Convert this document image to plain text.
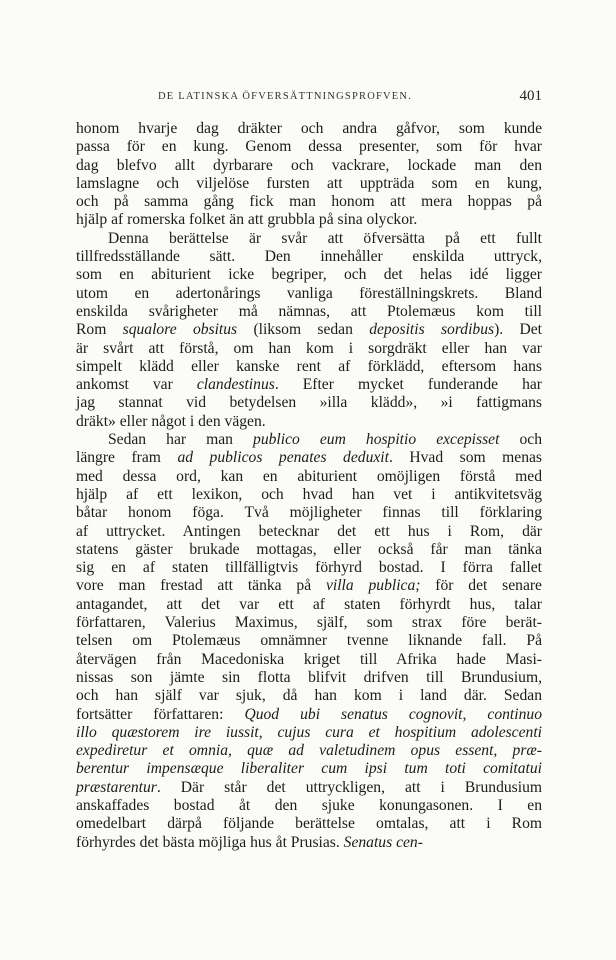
DE LATINSKA ÖFVERSÄTTNINGSPROFVEN.	401
honom hvarje dag dräkter och andra gåfvor, som kunde
passa för en kung. Genom dessa presenter, som för hvar
dag blefvo allt dyrbarare och vackrare, lockade man den
lamslagne och viljelöse fursten att uppträda som en kung,
och på samma gång fick man honom att mera hoppas på
hjälp af romerska folket än att grubbla på sina olyckor.
Denna berättelse är svår att öfversätta på ett fullt
tillfredsställande sätt. Den innehåller enskilda uttryck,
som en abiturient icke begriper, och det helas idé ligger
utom en adertonårings vanliga föreställningskrets. Bland
enskilda svårigheter må nämnas, att Ptolemæus kom till
Rom squalore obsitus (liksom sedan depositis sordibus). Det
är svårt att förstå, om han kom i sorgdräkt eller han var
simpelt klädd eller kanske rent af förklädd, eftersom hans
ankomst var clandestinus. Efter mycket funderande har
jag stannat vid betydelsen »illa klädd», »i fattigmans
dräkt» eller något i den vägen.
Sedan har man publico eum hospitio excepisset och
längre fram ad publicos penates deduxit. Hvad som menas
med dessa ord, kan en abiturient omöjligen förstå med
hjälp af ett lexikon, och hvad han vet i antikvitetsväg
båtar honom föga. Två möjligheter finnas till förklaring
af uttrycket. Antingen betecknar det ett hus i Rom, där
statens gäster brukade mottagas, eller också får man tänka
sig en af staten tillfälligtvis förhyrd bostad. I förra fallet
vore man frestad att tänka på villa publica; för det senare
antagandet, att det var ett af staten förhyrdt hus, talar
författaren, Valerius Maximus, själf, som strax före berät-
telsen om Ptolemæus omnämner tvenne liknande fall. På
återvägen från Macedoniska kriget till Afrika hade Masi-
nissas son jämte sin flotta blifvit drifven till Brundusium,
och han själf var sjuk, då han kom i land där. Sedan
fortsätter författaren: Quod ubi senatus cognovit, continuo
illo quæstorem ire iussit, cujus cura et hospitium adolescenti
expediretur et omnia, quæ ad valetudinem opus essent, præ-
berentur impensæque liberaliter cum ipsi tum toti comitatui
præstarentur. Där står det uttryckligen, att i Brundusium
anskaffades bostad åt den sjuke konungasonen. I en
omedelbart därpå följande berättelse omtalas, att i Rom
förhyrdes det bästa möjliga hus åt Prusias. Senatus cen-
